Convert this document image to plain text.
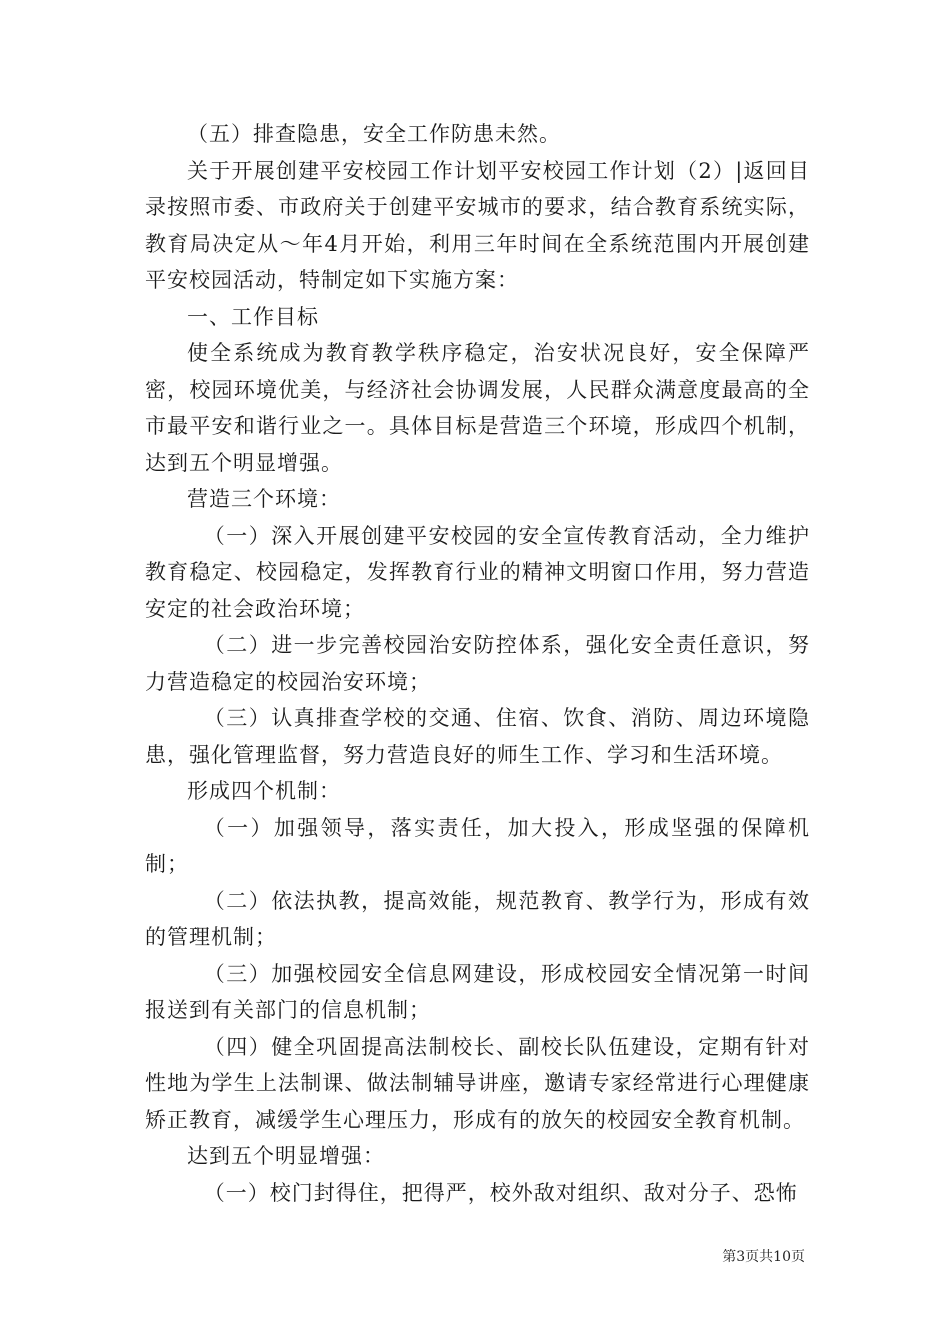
（五）排查隐患，安全工作防患未然。

关于开展创建平安校园工作计划平安校园工作计划（2）|返回目录按照市委、市政府关于创建平安城市的要求，结合教育系统实际，教育局决定从～年4月开始，利用三年时间在全系统范围内开展创建平安校园活动，特制定如下实施方案：

一、工作目标

使全系统成为教育教学秩序稳定，治安状况良好，安全保障严密，校园环境优美，与经济社会协调发展，人民群众满意度最高的全市最平安和谐行业之一。具体目标是营造三个环境，形成四个机制，达到五个明显增强。

营造三个环境：

（一）深入开展创建平安校园的安全宣传教育活动，全力维护教育稳定、校园稳定，发挥教育行业的精神文明窗口作用，努力营造安定的社会政治环境；

（二）进一步完善校园治安防控体系，强化安全责任意识，努力营造稳定的校园治安环境；

（三）认真排查学校的交通、住宿、饮食、消防、周边环境隐患，强化管理监督，努力营造良好的师生工作、学习和生活环境。

形成四个机制：

（一）加强领导，落实责任，加大投入，形成坚强的保障机制；

（二）依法执教，提高效能，规范教育、教学行为，形成有效的管理机制；

（三）加强校园安全信息网建设，形成校园安全情况第一时间报送到有关部门的信息机制；

（四）健全巩固提高法制校长、副校长队伍建设，定期有针对性地为学生上法制课、做法制辅导讲座，邀请专家经常进行心理健康矫正教育，减缓学生心理压力，形成有的放矢的校园安全教育机制。

达到五个明显增强：

（一）校门封得住，把得严，校外敌对组织、敌对分子、恐怖

第3页共10页
